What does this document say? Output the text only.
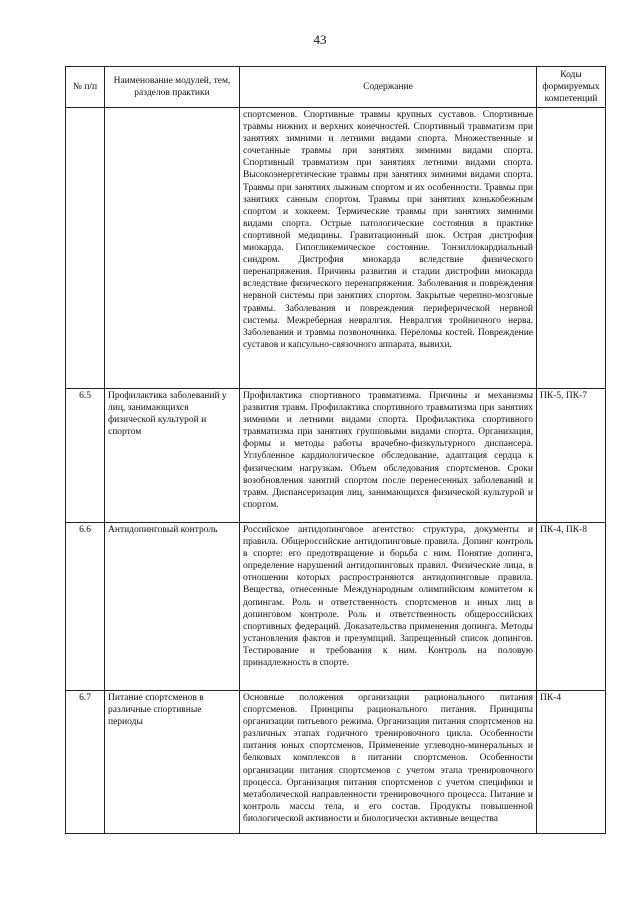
43
№ п/п	Наименование модулей, тем, разделов практики	Содержание	Коды формируемых компетенций
		спортсменов. Спортивные травмы крупных суставов. Спортивные травмы нижних и верхних конечностей. Спортивный травматизм при занятиях зимними и летними видами спорта. Множественные и сочетанные травмы при занятиях зимними видами спорта. Спортивный травматизм при занятиях летними видами спорта. Высокоэнергетические травмы при занятиях зимними видами спорта. Травмы при занятиях лыжным спортом и их особенности. Травмы при занятиях санным спортом. Травмы при занятиях конькобежным спортом и хоккеем. Термические травмы при занятиях зимними видами спорта. Острые патологические состояния в практике спортивной медицины. Гравитационный шок. Острая дистрофия миокарда. Гипогликемическое состояние. Тонзиллокардиальный синдром. Дистрофия миокарда вследствие физического перенапряжения. Причины развития и стадии дистрофии миокарда вследствие физического перенапряжения. Заболевания и повреждения нервной системы при занятиях спортом. Закрытые черепно-мозговые травмы. Заболевания и повреждения периферической нервной системы. Межреберная невралгия. Невралгия тройничного нерва. Заболевания и травмы позвоночника. Переломы костей. Повреждение суставов и капсульно-связочного аппарата, вывихи.	
6.5	Профилактика заболеваний у лиц, занимающихся физической культурой и спортом	Профилактика спортивного травматизма. Причины и механизмы развития травм. Профилактика спортивного травматизма при занятиях зимними и летними видами спорта. Профилактика спортивного травматизма при занятиях групповыми видами спорта. Организация, формы и методы работы врачебно-физкультурного диспансера. Углубленное кардиологическое обследование, адаптация сердца к физическим нагрузкам. Объем обследования спортсменов. Сроки возобновления занятий спортом после перенесенных заболеваний и травм. Диспансеризация лиц, занимающихся физической культурой и спортом.	ПК-5, ПК-7
6.6	Антидопинговый контроль	Российское антидопинговое агентство: структура, документы и правила. Общероссийские антидопинговые правила. Допинг контроль в спорте: его предотвращение и борьба с ним. Понятие допинга, определение нарушений антидопинговых правил. Физические лица, в отношении которых распространяются антидопинговые правила. Вещества, отнесенные Международным олимпийским комитетом к допингам. Роль и ответственность спортсменов и иных лиц в допинговом контроле. Роль и ответственность общероссийских спортивных федераций. Доказательства применения допинга. Методы установления фактов и презумпций. Запрещенный список допингов. Тестирование и требования к ним. Контроль на половую принадлежность в спорте.	ПК-4, ПК-8
6.7	Питание спортсменов в различные спортивные периоды	Основные положения организации рационального питания спортсменов. Принципы рационального питания. Принципы организации питьевого режима. Организация питания спортсменов на различных этапах годичного тренировочного цикла. Особенности питания юных спортсменов. Применение углеводно-минеральных и белковых комплексов в питании спортсменов. Особенности организации питания спортсменов с учетом этапа тренировочного процесса. Организация питания спортсменов с учетом специфики и метаболической направленности тренировочного процесса. Питание и контроль массы тела, и его состав. Продукты повышенной биологической активности и биологически активные вещества	ПК-4
